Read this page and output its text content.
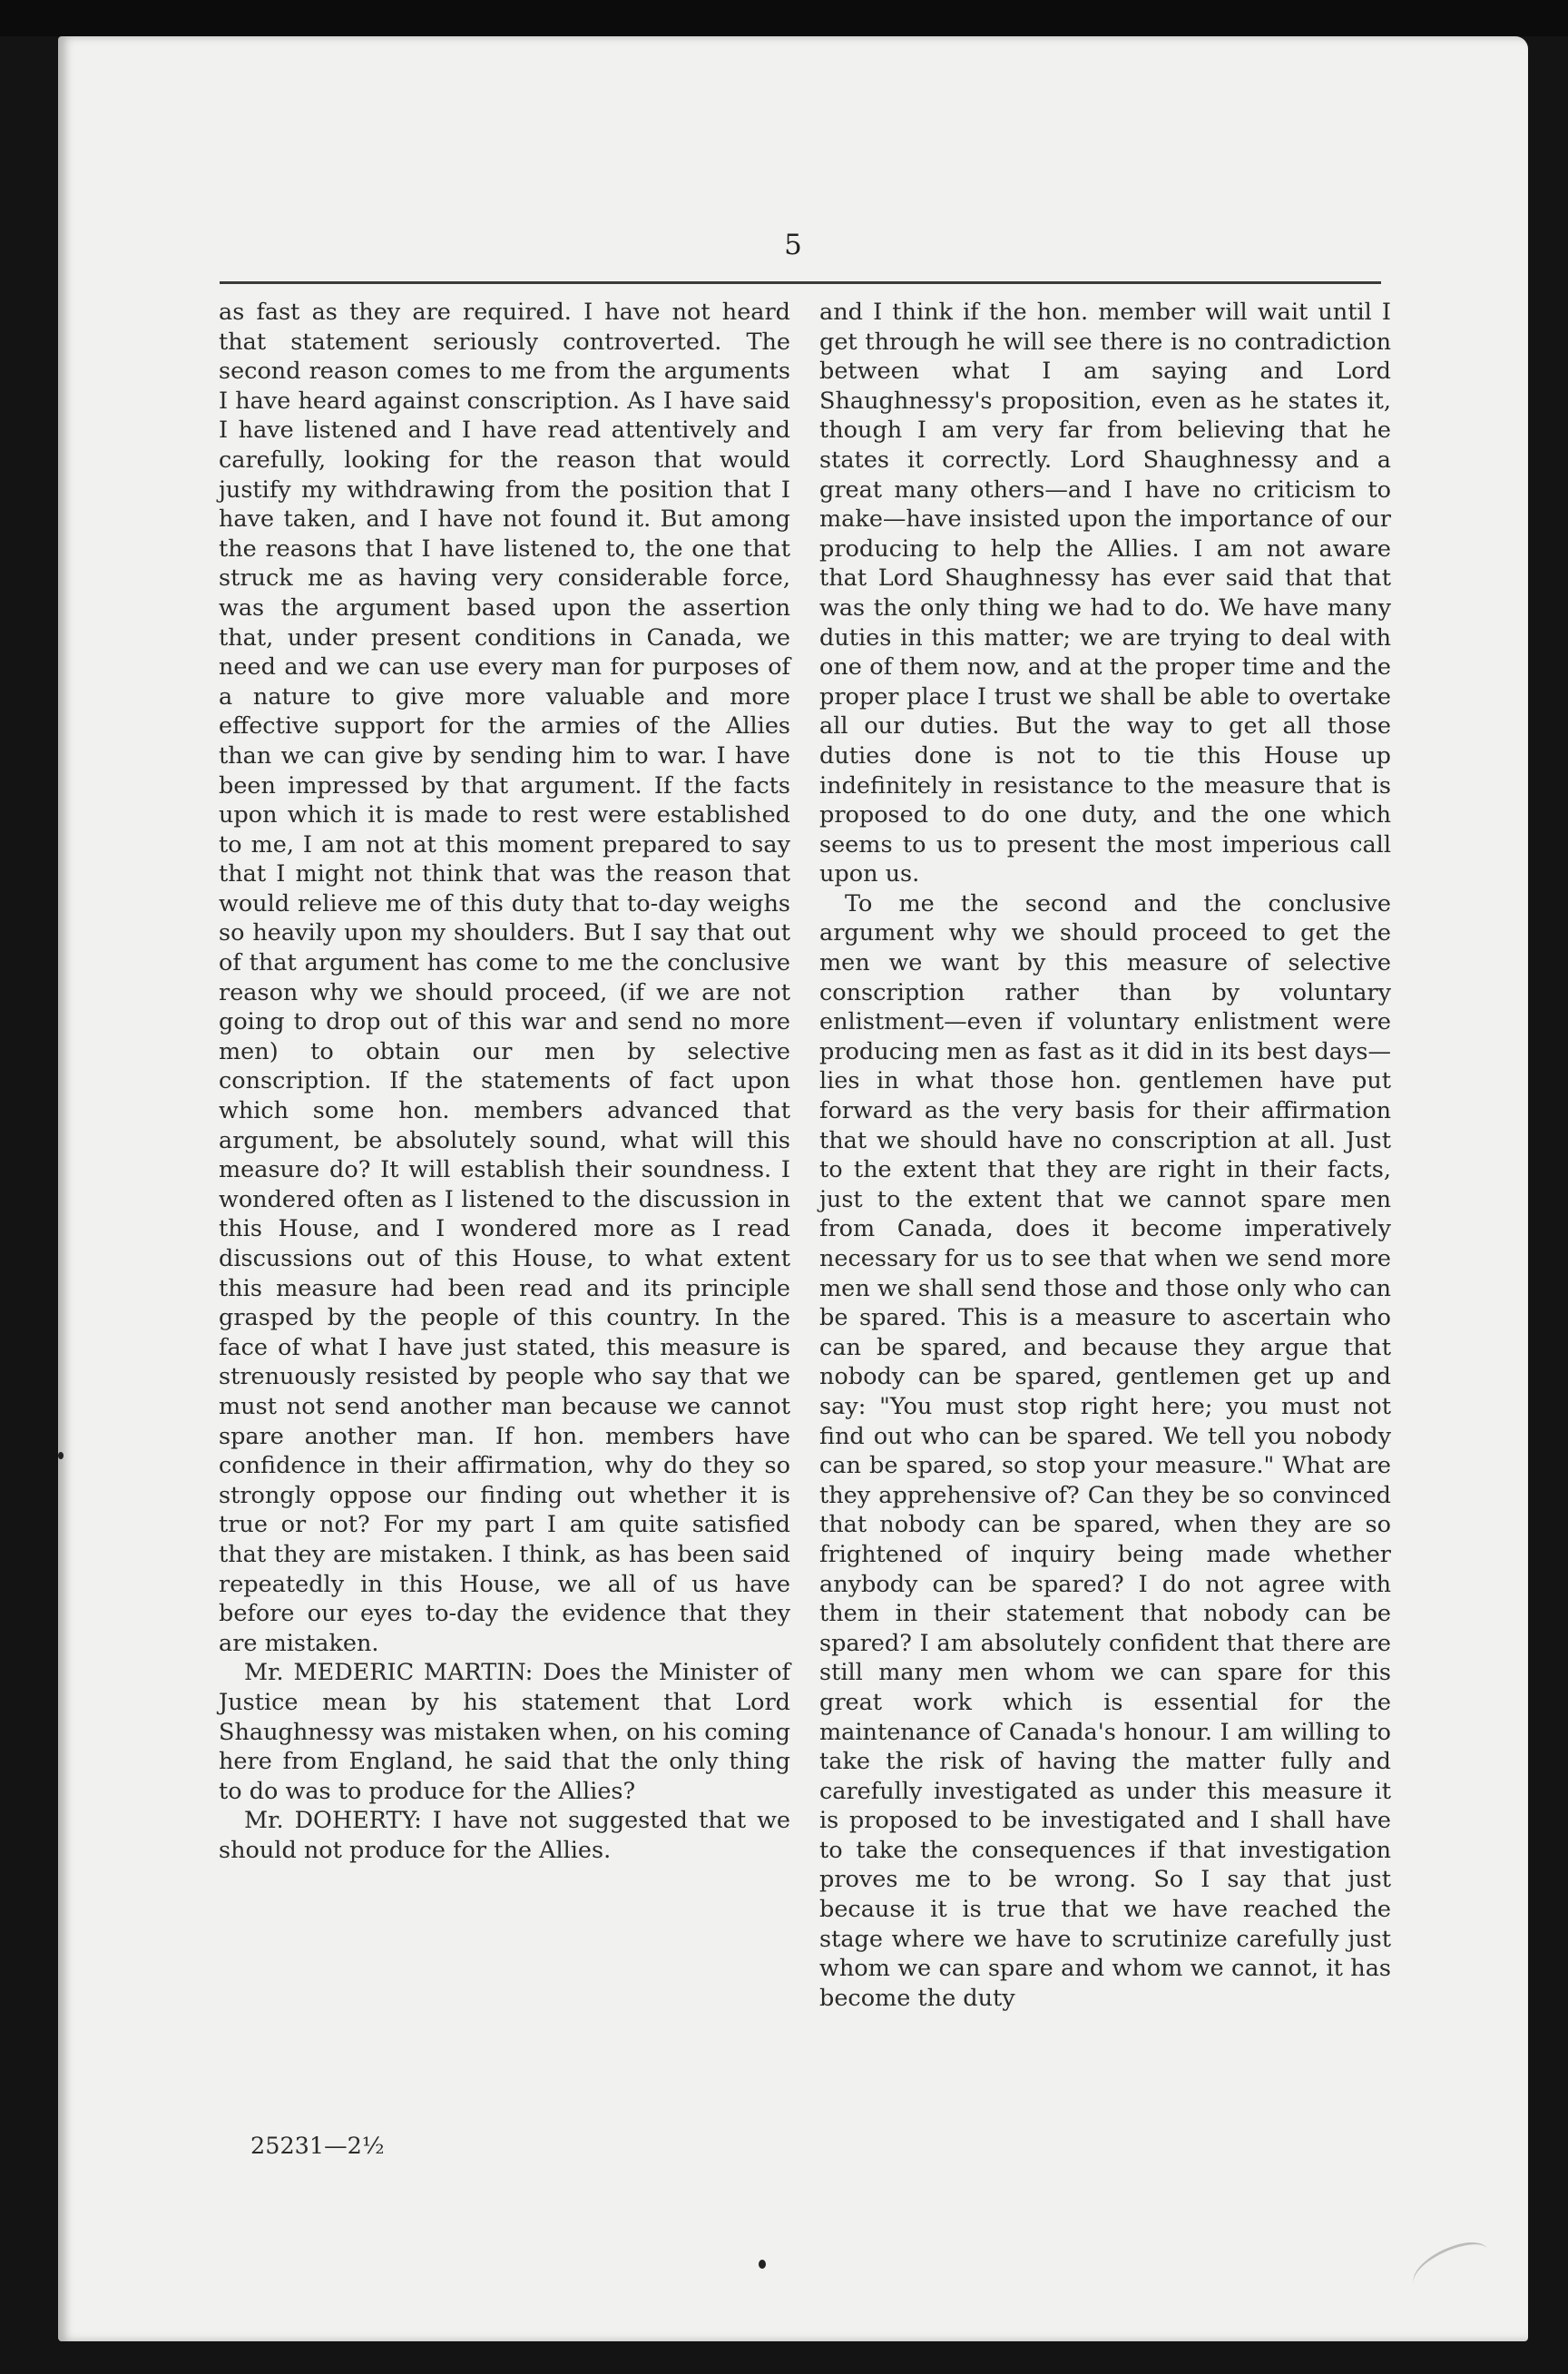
5

as fast as they are required. I have not heard that statement seriously controverted. The second reason comes to me from the arguments I have heard against conscription. As I have said I have listened and I have read attentively and carefully, looking for the reason that would justify my withdrawing from the position that I have taken, and I have not found it. But among the reasons that I have listened to, the one that struck me as having very considerable force, was the argument based upon the assertion that, under present conditions in Canada, we need and we can use every man for purposes of a nature to give more valuable and more effective support for the armies of the Allies than we can give by sending him to war. I have been impressed by that argument. If the facts upon which it is made to rest were established to me, I am not at this moment prepared to say that I might not think that was the reason that would relieve me of this duty that to-day weighs so heavily upon my shoulders. But I say that out of that argument has come to me the conclusive reason why we should proceed, (if we are not going to drop out of this war and send no more men) to obtain our men by selective conscription. If the statements of fact upon which some hon. members advanced that argument, be absolutely sound, what will this measure do? It will establish their soundness. I wondered often as I listened to the discussion in this House, and I wondered more as I read discussions out of this House, to what extent this measure had been read and its principle grasped by the people of this country. In the face of what I have just stated, this measure is strenuously resisted by people who say that we must not send another man because we cannot spare another man. If hon. members have confidence in their affirmation, why do they so strongly oppose our finding out whether it is true or not? For my part I am quite satisfied that they are mistaken. I think, as has been said repeatedly in this House, we all of us have before our eyes to-day the evidence that they are mistaken.

Mr. MEDERIC MARTIN: Does the Minister of Justice mean by his statement that Lord Shaughnessy was mistaken when, on his coming here from England, he said that the only thing to do was to produce for the Allies?

Mr. DOHERTY: I have not suggested that we should not produce for the Allies.

and I think if the hon. member will wait until I get through he will see there is no contradiction between what I am saying and Lord Shaughnessy's proposition, even as he states it, though I am very far from believing that he states it correctly. Lord Shaughnessy and a great many others—and I have no criticism to make—have insisted upon the importance of our producing to help the Allies. I am not aware that Lord Shaughnessy has ever said that that was the only thing we had to do. We have many duties in this matter; we are trying to deal with one of them now, and at the proper time and the proper place I trust we shall be able to overtake all our duties. But the way to get all those duties done is not to tie this House up indefinitely in resistance to the measure that is proposed to do one duty, and the one which seems to us to present the most imperious call upon us.

To me the second and the conclusive argument why we should proceed to get the men we want by this measure of selective conscription rather than by voluntary enlistment—even if voluntary enlistment were producing men as fast as it did in its best days—lies in what those hon. gentlemen have put forward as the very basis for their affirmation that we should have no conscription at all. Just to the extent that they are right in their facts, just to the extent that we cannot spare men from Canada, does it become imperatively necessary for us to see that when we send more men we shall send those and those only who can be spared. This is a measure to ascertain who can be spared, and because they argue that nobody can be spared, gentlemen get up and say: "You must stop right here; you must not find out who can be spared. We tell you nobody can be spared, so stop your measure." What are they apprehensive of? Can they be so convinced that nobody can be spared, when they are so frightened of inquiry being made whether anybody can be spared? I do not agree with them in their statement that nobody can be spared? I am absolutely confident that there are still many men whom we can spare for this great work which is essential for the maintenance of Canada's honour. I am willing to take the risk of having the matter fully and carefully investigated as under this measure it is proposed to be investigated and I shall have to take the consequences if that investigation proves me to be wrong. So I say that just because it is true that we have reached the stage where we have to scrutinize carefully just whom we can spare and whom we cannot, it has become the duty

25231—2½
